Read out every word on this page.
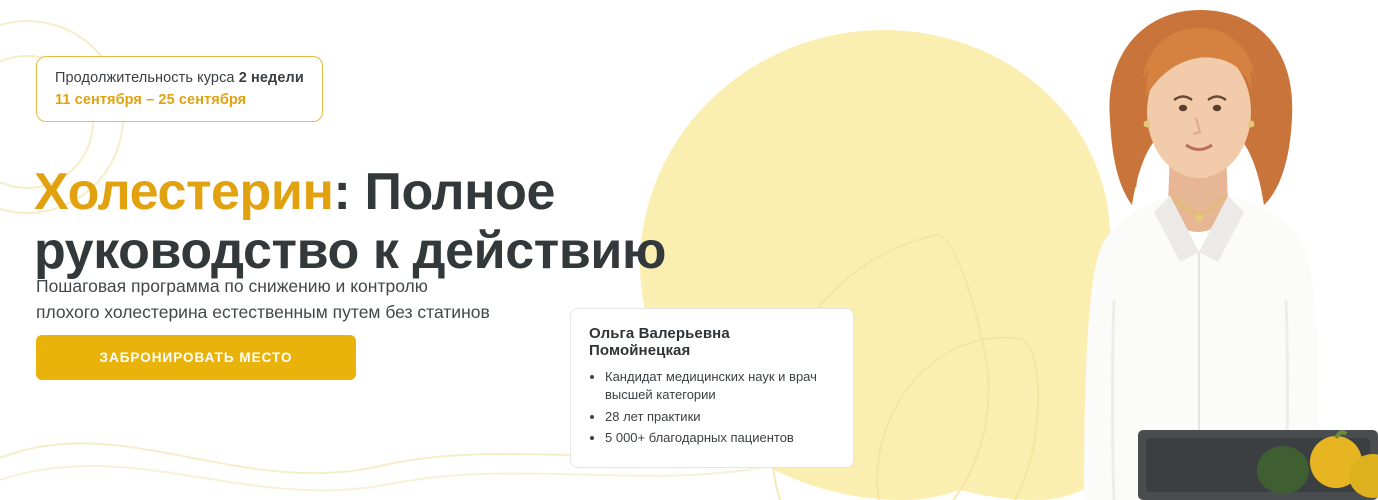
Продолжительность курса 2 недели
11 сентября – 25 сентября
Холестерин: Полное
руководство к действию

Пошаговая программа по снижению и контролю
плохого холестерина естественным путем без статинов

ЗАБРОНИРОВАТЬ МЕСТО
Ольга Валерьевна Помойнецкая
• Кандидат медицинских наук и врач высшей категории
• 28 лет практики
• 5 000+ благодарных пациентов
